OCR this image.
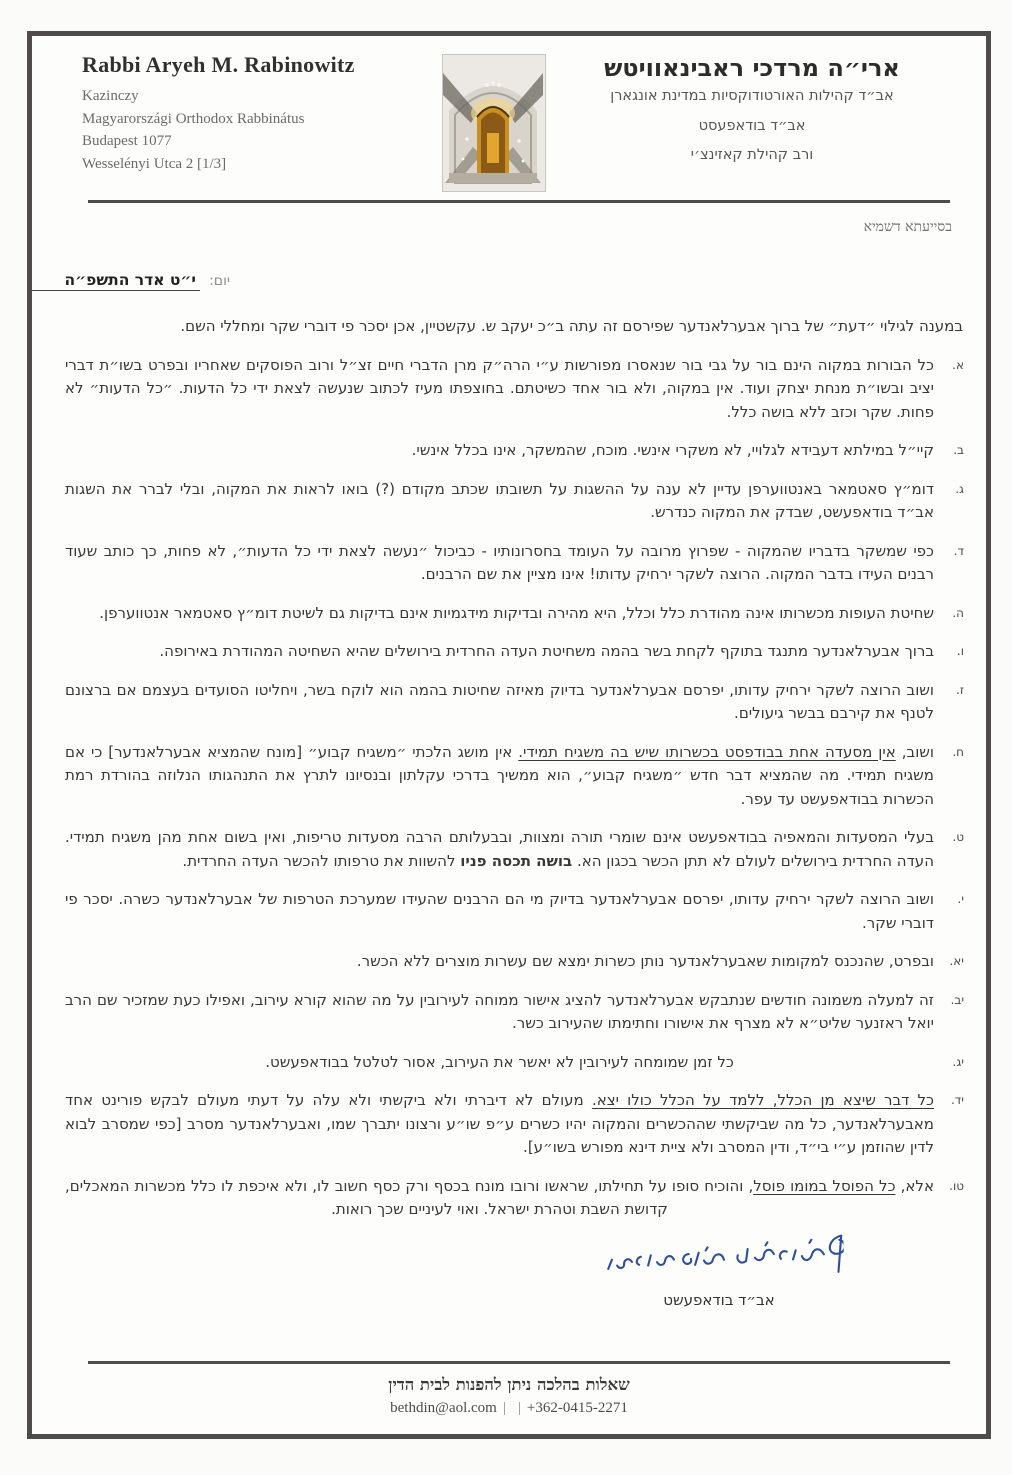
Rabbi Aryeh M. Rabinowitz
Kazinczy
Magyarországi Orthodox Rabbinátus
Budapest 1077
Wesselényi Utca 2 [1/3]
ארי״ה מרדכי ראבינאוויטש
אב״ד קהילות האורטודוקסיות במדינת אונגארן
אב״ד בודאפעסט
ורב קהילת קאזינצ׳י
בסייעתא דשמיא
יום: י״ט אדר התשפ״ה
במענה לגילוי ״דעת״ של ברוך אבערלאנדער שפירסם זה עתה ב״כ יעקב ש. עקשטיין, אכן יסכר פי דוברי שקר ומחללי השם.
א.
כל הבורות במקוה הינם בור על גבי בור שנאסרו מפורשות ע״י הרה״ק מרן הדברי חיים זצ״ל ורוב הפוסקים שאחריו ובפרט בשו״ת דברי יציב ובשו״ת מנחת יצחק ועוד. אין במקוה, ולא בור אחד כשיטתם. בחוצפתו מעיז לכתוב שנעשה לצאת ידי כל הדעות. ״כל הדעות״ לא פחות. שקר וכזב ללא בושה כלל.
ב.
קיי״ל במילתא דעבידא לגלויי, לא משקרי אינשי. מוכח, שהמשקר, אינו בכלל אינשי.
ג.
דומ״ץ סאטמאר באנטווערפן עדיין לא ענה על ההשגות על תשובתו שכתב מקודם (?) בואו לראות את המקוה, ובלי לברר את השגות אב״ד בודאפעשט, שבדק את המקוה כנדרש.
ד.
כפי שמשקר בדבריו שהמקוה - שפרוץ מרובה על העומד בחסרונותיו - כביכול ״נעשה לצאת ידי כל הדעות״, לא פחות, כך כותב שעוד רבנים העידו בדבר המקוה. הרוצה לשקר ירחיק עדותו! אינו מציין את שם הרבנים.
ה.
שחיטת העופות מכשרותו אינה מהודרת כלל וכלל, היא מהירה ובדיקות מידגמיות אינם בדיקות גם לשיטת דומ״ץ סאטמאר אנטווערפן.
ו.
ברוך אבערלאנדער מתנגד בתוקף לקחת בשר בהמה משחיטת העדה החרדית בירושלים שהיא השחיטה המהודרת באירופה.
ז.
ושוב הרוצה לשקר ירחיק עדותו, יפרסם אבערלאנדער בדיוק מאיזה שחיטות בהמה הוא לוקח בשר, ויחליטו הסועדים בעצמם אם ברצונם לטנף את קירבם בבשר גיעולים.
ח.
ושוב, אין מסעדה אחת בבודפסט בכשרותו שיש בה משגיח תמידי. אין מושג הלכתי ״משגיח קבוע״ [מונח שהמציא אבערלאנדער] כי אם משגיח תמידי. מה שהמציא דבר חדש ״משגיח קבוע״, הוא ממשיך בדרכי עקלתון ובנסיונו לתרץ את התנהגותו הנלוזה בהורדת רמת הכשרות בבודאפעשט עד עפר.
ט.
בעלי המסעדות והמאפיה בבודאפעשט אינם שומרי תורה ומצוות, ובבעלותם הרבה מסעדות טריפות, ואין בשום אחת מהן משגיח תמידי. העדה החרדית בירושלים לעולם לא תתן הכשר בכגון הא. בושה תכסה פניו להשוות את טרפותו להכשר העדה החרדית.
י.
ושוב הרוצה לשקר ירחיק עדותו, יפרסם אבערלאנדער בדיוק מי הם הרבנים שהעידו שמערכת הטרפות של אבערלאנדער כשרה. יסכר פי דוברי שקר.
יא.
ובפרט, שהנכנס למקומות שאבערלאנדער נותן כשרות ימצא שם עשרות מוצרים ללא הכשר.
יב.
זה למעלה משמונה חודשים שנתבקש אבערלאנדער להציג אישור ממוחה לעירובין על מה שהוא קורא עירוב, ואפילו כעת שמזכיר שם הרב יואל ראזנער שליט״א לא מצרף את אישורו וחתימתו שהעירוב כשר.
יג.
כל זמן שמומחה לעירובין לא יאשר את העירוב, אסור לטלטל בבודאפעשט.
יד.
כל דבר שיצא מן הכלל, ללמד על הכלל כולו יצא. מעולם לא דיברתי ולא ביקשתי ולא עלה על דעתי מעולם לבקש פורינט אחד מאבערלאנדער, כל מה שביקשתי שההכשרים והמקוה יהיו כשרים ע״פ שו״ע ורצונו יתברך שמו, ואבערלאנדער מסרב [כפי שמסרב לבוא לדין שהוזמן ע״י בי״ד, ודין המסרב ולא ציית דינא מפורש בשו״ע].
טו.
אלא, כל הפוסל במומו פוסל, והוכיח סופו על תחילתו, שראשו ורובו מונח בכסף ורק כסף חשוב לו, ולא איכפת לו כלל מכשרות המאכלים, קדושת השבת וטהרת ישראל. ואוי לעיניים שכך רואות.
אב״ד בודאפעשט
שאלות בהלכה ניתן להפנות לבית הדין
bethdin@aol.com | | +362-0415-2271
